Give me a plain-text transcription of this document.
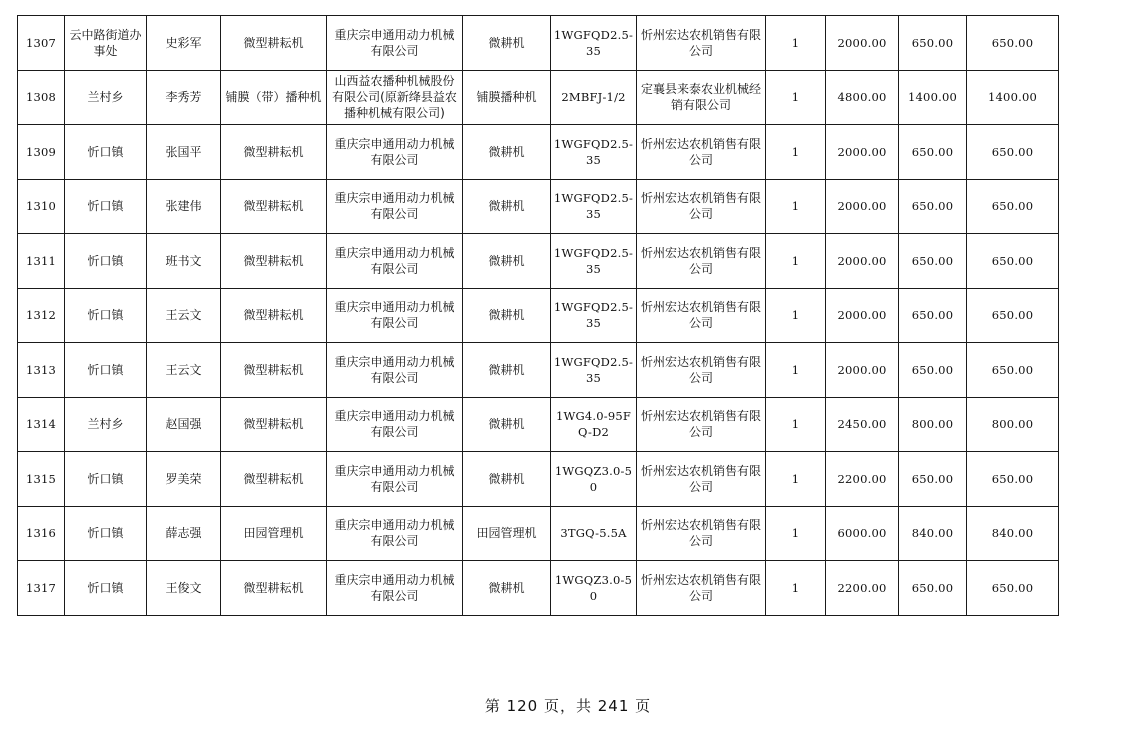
1307	云中路街道办事处	史彩军	微型耕耘机	重庆宗申通用动力机械有限公司	微耕机	1WGFQD2.5-35	忻州宏达农机销售有限公司	1	2000.00	650.00	650.00
1308	兰村乡	李秀芳	铺膜（带）播种机	山西益农播种机械股份有限公司(原新绛县益农播种机械有限公司)	铺膜播种机	2MBFJ-1/2	定襄县来泰农业机械经销有限公司	1	4800.00	1400.00	1400.00
1309	忻口镇	张国平	微型耕耘机	重庆宗申通用动力机械有限公司	微耕机	1WGFQD2.5-35	忻州宏达农机销售有限公司	1	2000.00	650.00	650.00
1310	忻口镇	张建伟	微型耕耘机	重庆宗申通用动力机械有限公司	微耕机	1WGFQD2.5-35	忻州宏达农机销售有限公司	1	2000.00	650.00	650.00
1311	忻口镇	班书文	微型耕耘机	重庆宗申通用动力机械有限公司	微耕机	1WGFQD2.5-35	忻州宏达农机销售有限公司	1	2000.00	650.00	650.00
1312	忻口镇	王云文	微型耕耘机	重庆宗申通用动力机械有限公司	微耕机	1WGFQD2.5-35	忻州宏达农机销售有限公司	1	2000.00	650.00	650.00
1313	忻口镇	王云文	微型耕耘机	重庆宗申通用动力机械有限公司	微耕机	1WGFQD2.5-35	忻州宏达农机销售有限公司	1	2000.00	650.00	650.00
1314	兰村乡	赵国强	微型耕耘机	重庆宗申通用动力机械有限公司	微耕机	1WG4.0-95FQ-D2	忻州宏达农机销售有限公司	1	2450.00	800.00	800.00
1315	忻口镇	罗美荣	微型耕耘机	重庆宗申通用动力机械有限公司	微耕机	1WGQZ3.0-50	忻州宏达农机销售有限公司	1	2200.00	650.00	650.00
1316	忻口镇	薛志强	田园管理机	重庆宗申通用动力机械有限公司	田园管理机	3TGQ-5.5A	忻州宏达农机销售有限公司	1	6000.00	840.00	840.00
1317	忻口镇	王俊文	微型耕耘机	重庆宗申通用动力机械有限公司	微耕机	1WGQZ3.0-50	忻州宏达农机销售有限公司	1	2200.00	650.00	650.00
第 120 页，共 241 页
